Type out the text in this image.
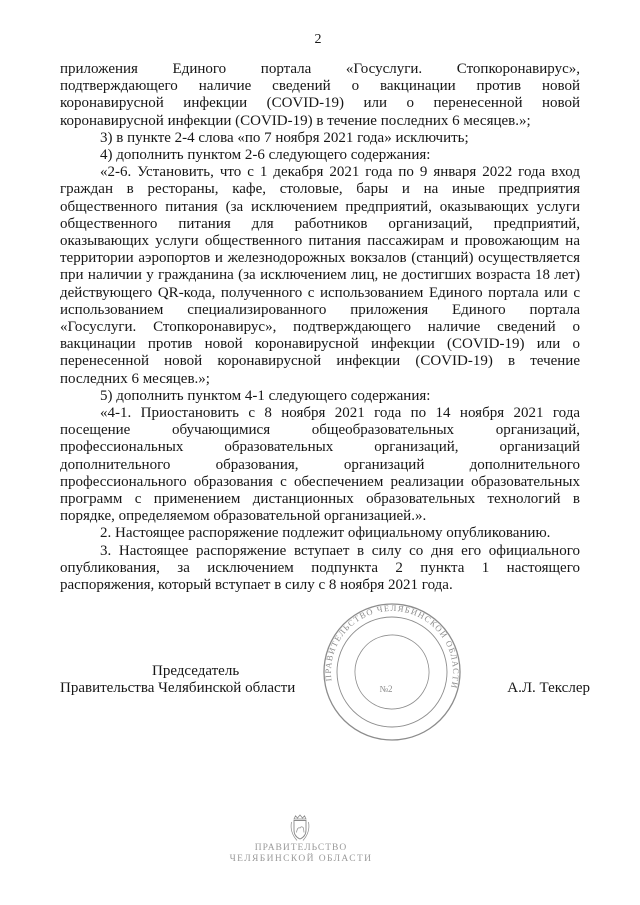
2
приложения Единого портала «Госуслуги. Стопкоронавирус»,
подтверждающего наличие сведений о вакцинации против новой
коронавирусной инфекции (COVID-19) или о перенесенной новой
коронавирусной инфекции (COVID-19) в течение последних 6 месяцев.»;
3) в пункте 2-4 слова «по 7 ноября 2021 года» исключить;
4) дополнить пунктом 2-6 следующего содержания:
«2-6. Установить, что с 1 декабря 2021 года по 9 января 2022 года вход
граждан в рестораны, кафе, столовые, бары и на иные предприятия
общественного питания (за исключением предприятий, оказывающих услуги
общественного питания для работников организаций, предприятий,
оказывающих услуги общественного питания пассажирам и провожающим на
территории аэропортов и железнодорожных вокзалов (станций) осуществляется
при наличии у гражданина (за исключением лиц, не достигших возраста 18 лет)
действующего QR-кода, полученного с использованием Единого портала или с
использованием специализированного приложения Единого портала
«Госуслуги. Стопкоронавирус», подтверждающего наличие сведений о
вакцинации против новой коронавирусной инфекции (COVID-19) или о
перенесенной новой коронавирусной инфекции (COVID-19) в течение
последних 6 месяцев.»;
5) дополнить пунктом 4-1 следующего содержания:
«4-1. Приостановить с 8 ноября 2021 года по 14 ноября 2021 года
посещение обучающимися общеобразовательных организаций,
профессиональных образовательных организаций, организаций
дополнительного образования, организаций дополнительного
профессионального образования с обеспечением реализации образовательных
программ с применением дистанционных образовательных технологий в
порядке, определяемом образовательной организацией.».
2. Настоящее распоряжение подлежит официальному опубликованию.
3. Настоящее распоряжение вступает в силу со дня его официального
опубликования, за исключением подпункта 2 пункта 1 настоящего
распоряжения, который вступает в силу с 8 ноября 2021 года.
Председатель
Правительства Челябинской области	А.Л. Текслер
ПРАВИТЕЛЬСТВО ЧЕЛЯБИНСКОЙ ОБЛАСТИ
№2
ПРАВИТЕЛЬСТВО
ЧЕЛЯБИНСКОЙ ОБЛАСТИ
